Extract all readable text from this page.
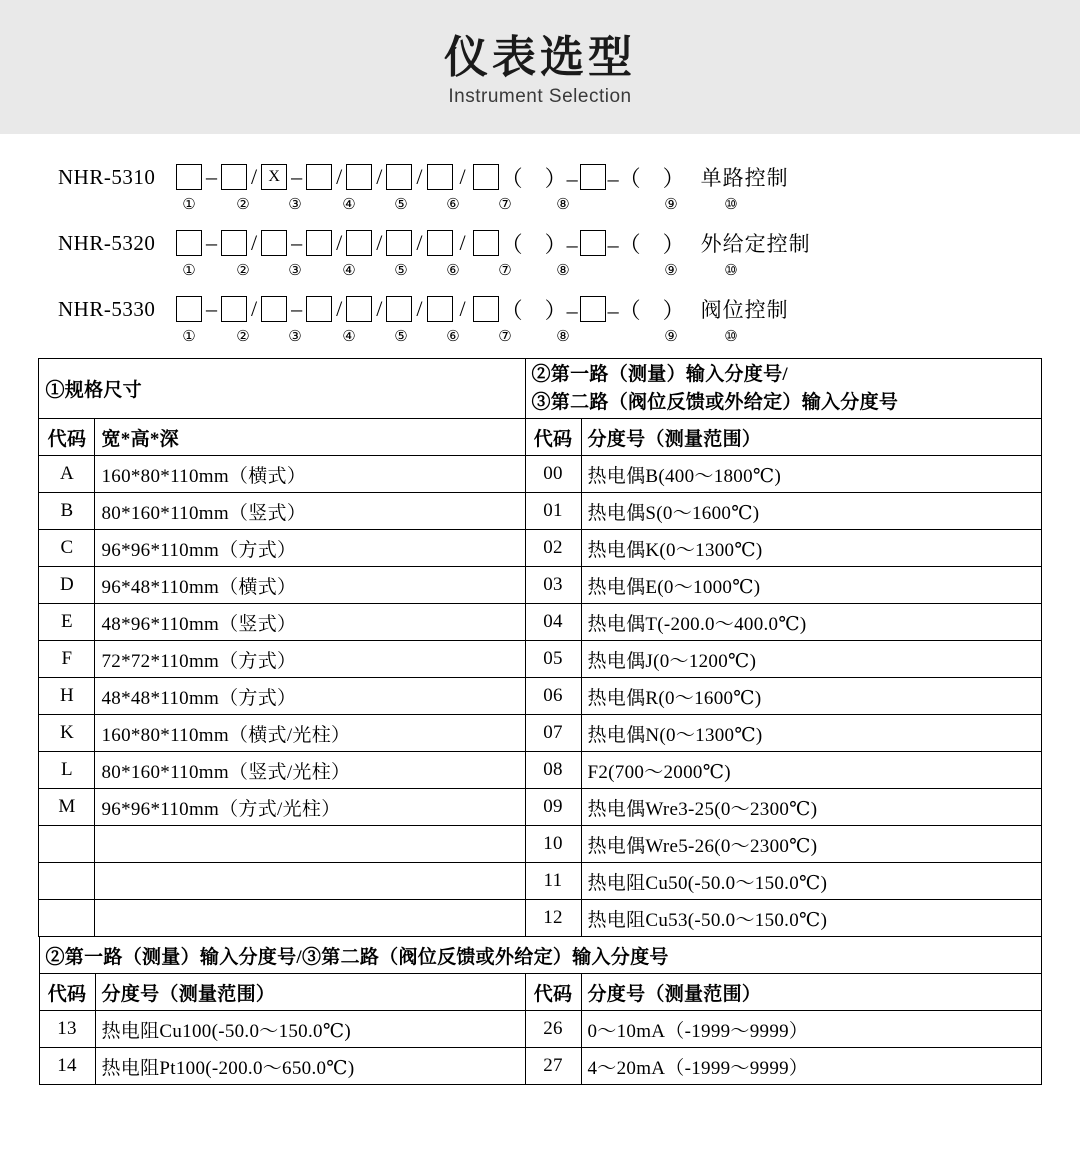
仪表选型
Instrument Selection
NHR-5310	– / X – / / /	/	（　）– –（　） 单路控制
①	②	③	④	⑤	⑥	⑦	⑧	⑨	⑩
NHR-5320	– / – / / /	/	（　）– –（　） 外给定控制
①	②	③	④	⑤	⑥	⑦	⑧	⑨	⑩
NHR-5330	– / – / / /	/	（　）– –（　） 阀位控制
①	②	③	④	⑤	⑥	⑦	⑧	⑨	⑩
①规格尺寸		②第一路（测量）输入分度号/
③第二路（阀位反馈或外给定）输入分度号	

代码	宽*高*深	代码	分度号（测量范围）
A	160*80*110mm（横式）	00	热电偶B(400～1800℃)
B	80*160*110mm（竖式）	01	热电偶S(0～1600℃)
C	96*96*110mm（方式）	02	热电偶K(0～1300℃)
D	96*48*110mm（横式）	03	热电偶E(0～1000℃)
E	48*96*110mm（竖式）	04	热电偶T(-200.0～400.0℃)
F	72*72*110mm（方式）	05	热电偶J(0～1200℃)
H	48*48*110mm（方式）	06	热电偶R(0～1600℃)
K	160*80*110mm（横式/光柱）	07	热电偶N(0～1300℃)
L	80*160*110mm（竖式/光柱）	08	F2(700～2000℃)
M	96*96*110mm（方式/光柱）	09	热电偶Wre3-25(0～2300℃)
		10	热电偶Wre5-26(0～2300℃)
		11	热电阻Cu50(-50.0～150.0℃)
		12	热电阻Cu53(-50.0～150.0℃)
②第一路（测量）输入分度号/③第二路（阀位反馈或外给定）输入分度号			
代码	分度号（测量范围）	代码	分度号（测量范围）
13	热电阻Cu100(-50.0～150.0℃)	26	0～10mA（-1999～9999）
14	热电阻Pt100(-200.0～650.0℃)	27	4～20mA（-1999～9999）
